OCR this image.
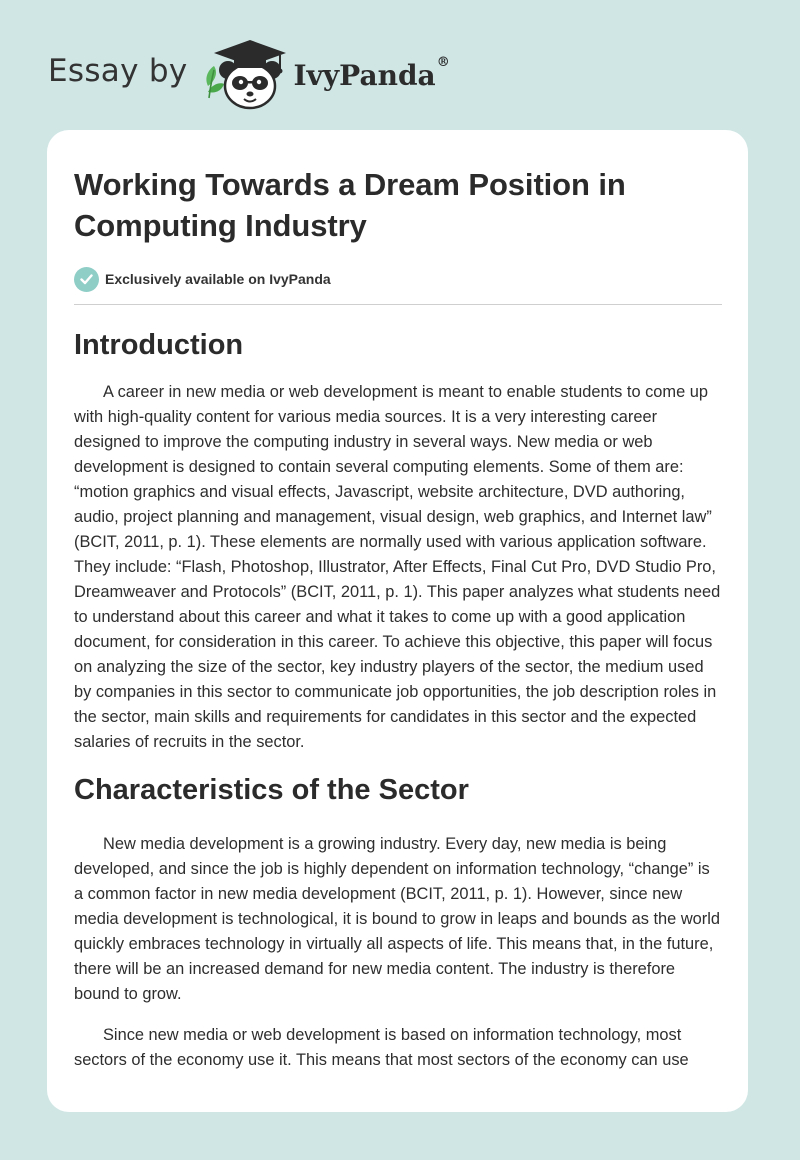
Essay by	IvyPanda®
Working Towards a Dream Position in Computing Industry
Exclusively available on IvyPanda
Introduction

A career in new media or web development is meant to enable students to come up with high-quality content for various media sources. It is a very interesting career designed to improve the computing industry in several ways. New media or web development is designed to contain several computing elements. Some of them are: “motion graphics and visual effects, Javascript, website architecture, DVD authoring, audio, project planning and management, visual design, web graphics, and Internet law” (BCIT, 2011, p. 1). These elements are normally used with various application software. They include: “Flash, Photoshop, Illustrator, After Effects, Final Cut Pro, DVD Studio Pro, Dreamweaver and Protocols” (BCIT, 2011, p. 1). This paper analyzes what students need to understand about this career and what it takes to come up with a good application document, for consideration in this career. To achieve this objective, this paper will focus on analyzing the size of the sector, key industry players of the sector, the medium used by companies in this sector to communicate job opportunities, the job description roles in the sector, main skills and requirements for candidates in this sector and the expected salaries of recruits in the sector.

Characteristics of the Sector

New media development is a growing industry. Every day, new media is being developed, and since the job is highly dependent on information technology, “change” is a common factor in new media development (BCIT, 2011, p. 1). However, since new media development is technological, it is bound to grow in leaps and bounds as the world quickly embraces technology in virtually all aspects of life. This means that, in the future, there will be an increased demand for new media content. The industry is therefore bound to grow.

Since new media or web development is based on information technology, most sectors of the economy use it. This means that most sectors of the economy can use
